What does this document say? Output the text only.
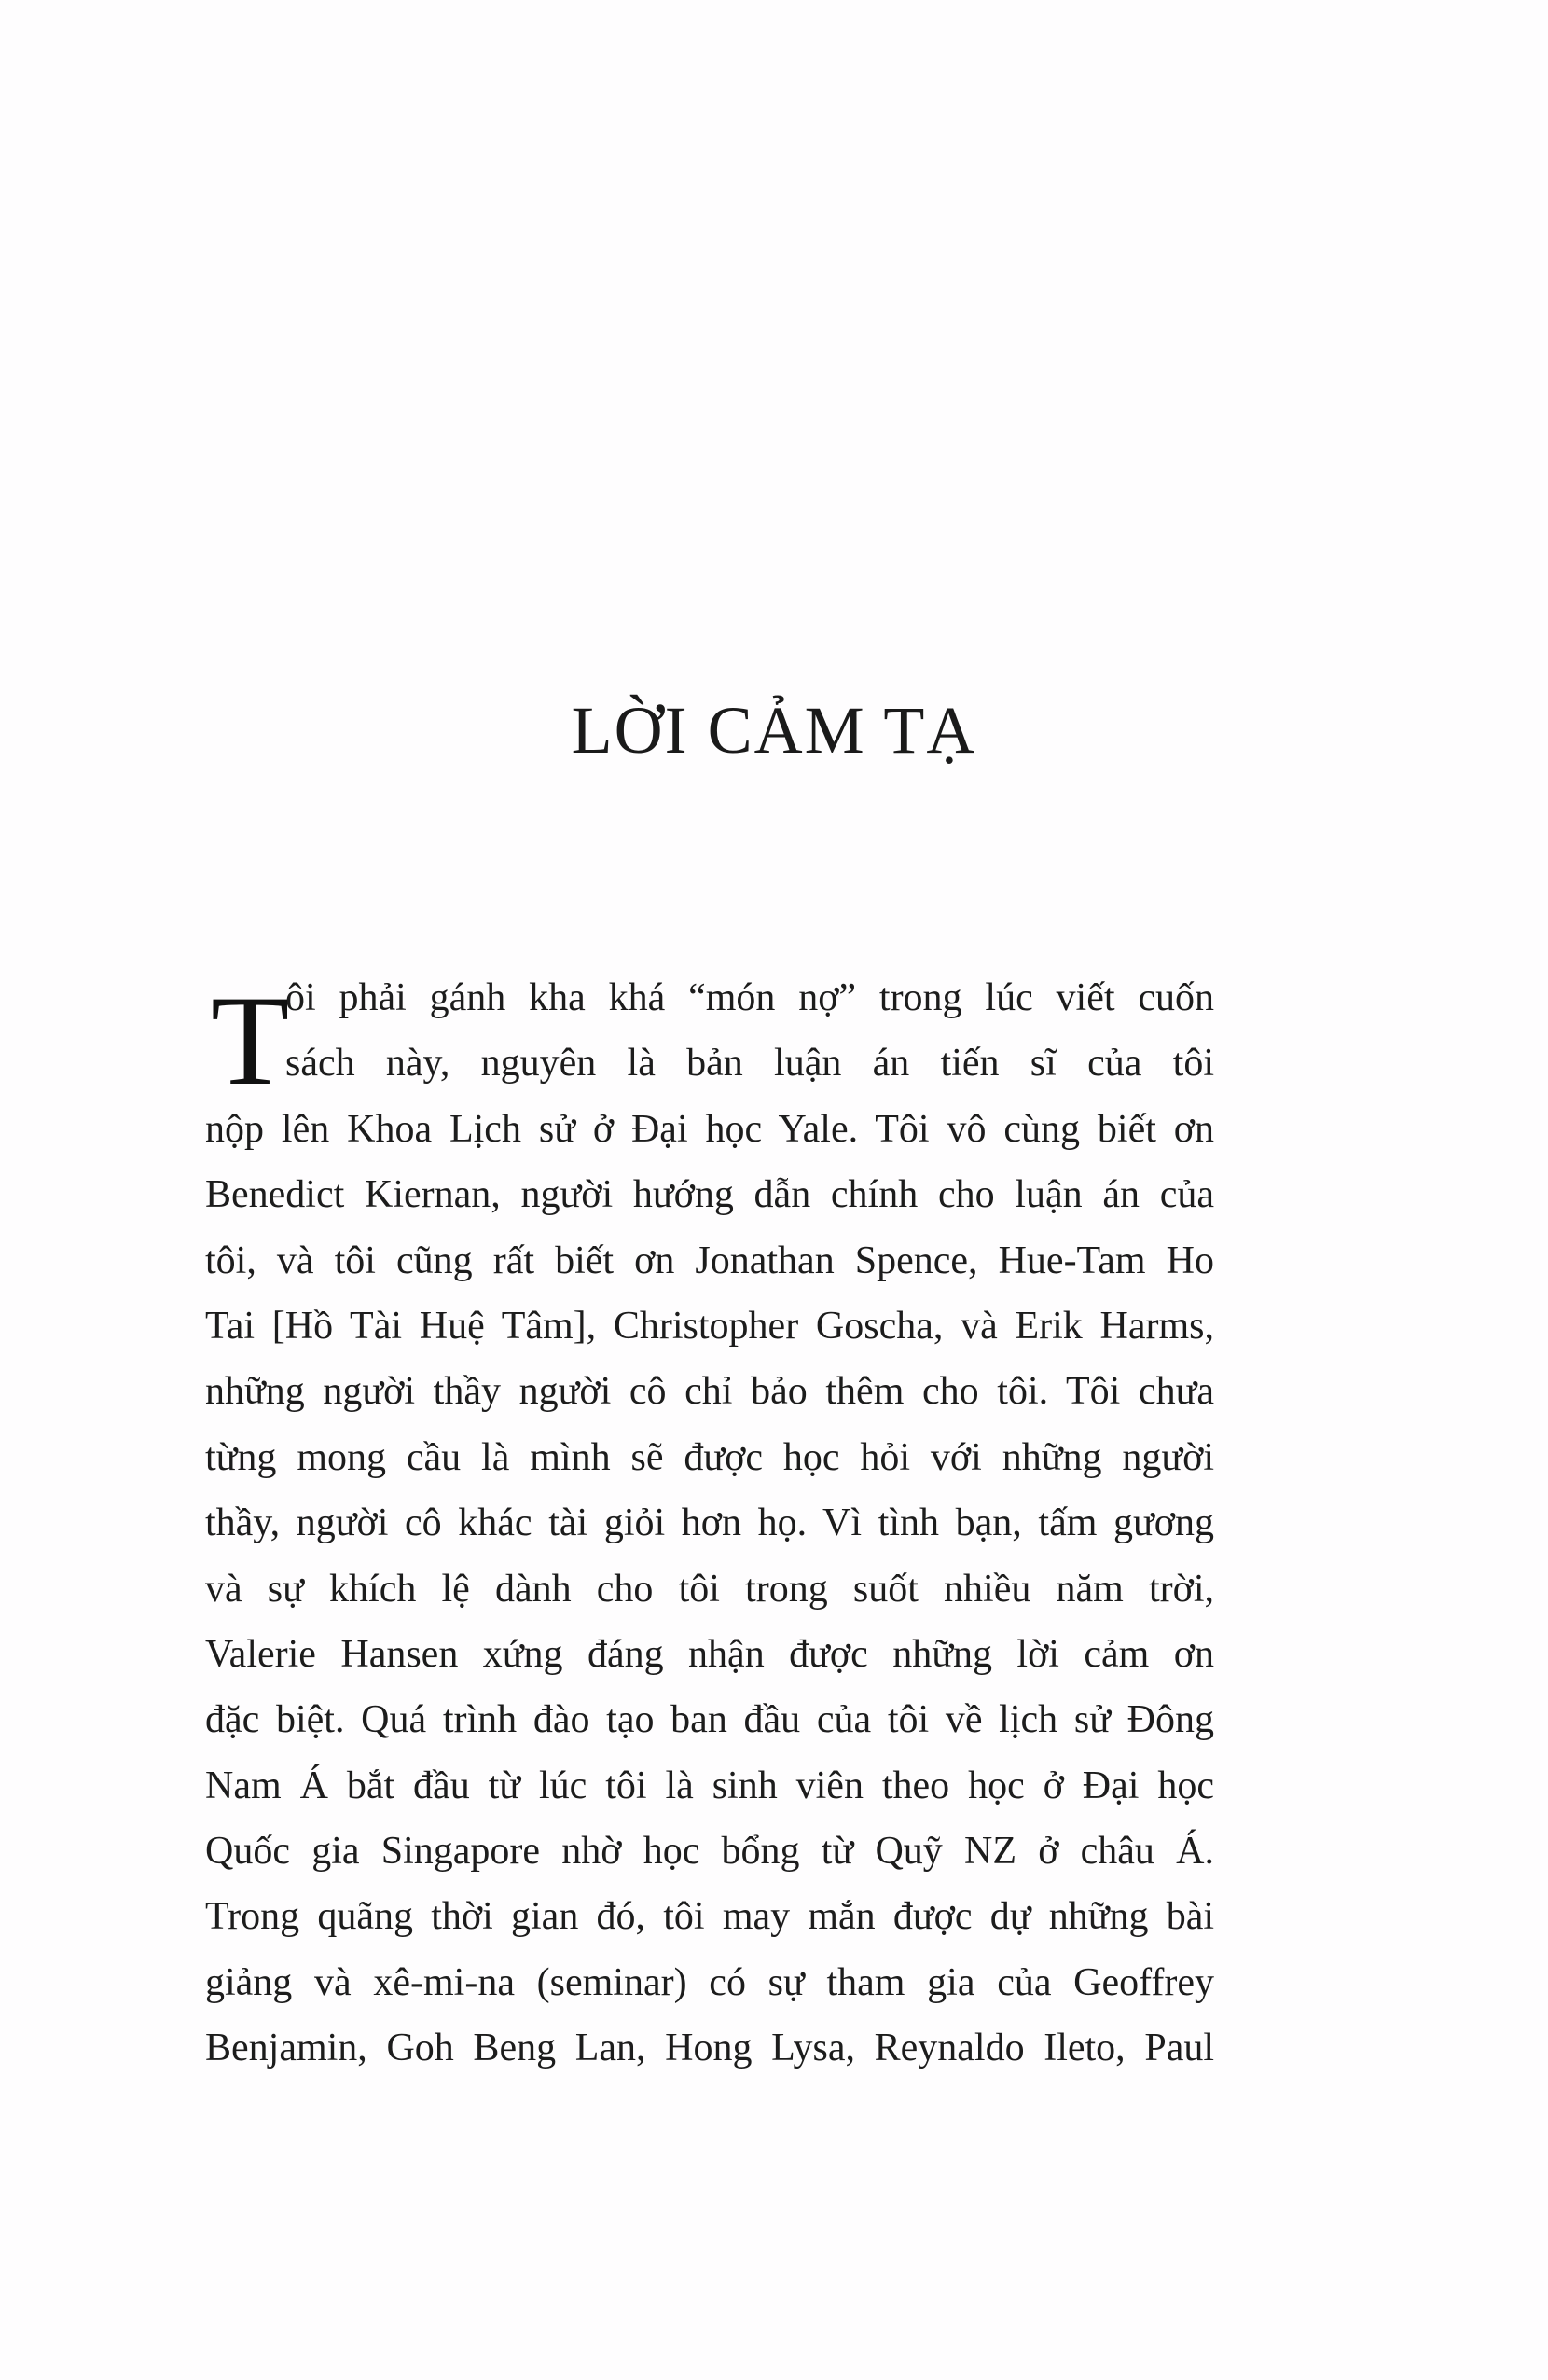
LỜI CẢM TẠ
T
ôi phải gánh kha khá “món nợ” trong lúc viết cuốn
sách này, nguyên là bản luận án tiến sĩ của tôi
nộp lên Khoa Lịch sử ở Đại học Yale. Tôi vô cùng biết ơn
Benedict Kiernan, người hướng dẫn chính cho luận án của
tôi, và tôi cũng rất biết ơn Jonathan Spence, Hue-Tam Ho
Tai [Hồ Tài Huệ Tâm], Christopher Goscha, và Erik Harms,
những người thầy người cô chỉ bảo thêm cho tôi. Tôi chưa
từng mong cầu là mình sẽ được học hỏi với những người
thầy, người cô khác tài giỏi hơn họ. Vì tình bạn, tấm gương
và sự khích lệ dành cho tôi trong suốt nhiều năm trời,
Valerie Hansen xứng đáng nhận được những lời cảm ơn
đặc biệt. Quá trình đào tạo ban đầu của tôi về lịch sử Đông
Nam Á bắt đầu từ lúc tôi là sinh viên theo học ở Đại học
Quốc gia Singapore nhờ học bổng từ Quỹ NZ ở châu Á.
Trong quãng thời gian đó, tôi may mắn được dự những bài
giảng và xê-mi-na (seminar) có sự tham gia của Geoffrey
Benjamin, Goh Beng Lan, Hong Lysa, Reynaldo Ileto, Paul
